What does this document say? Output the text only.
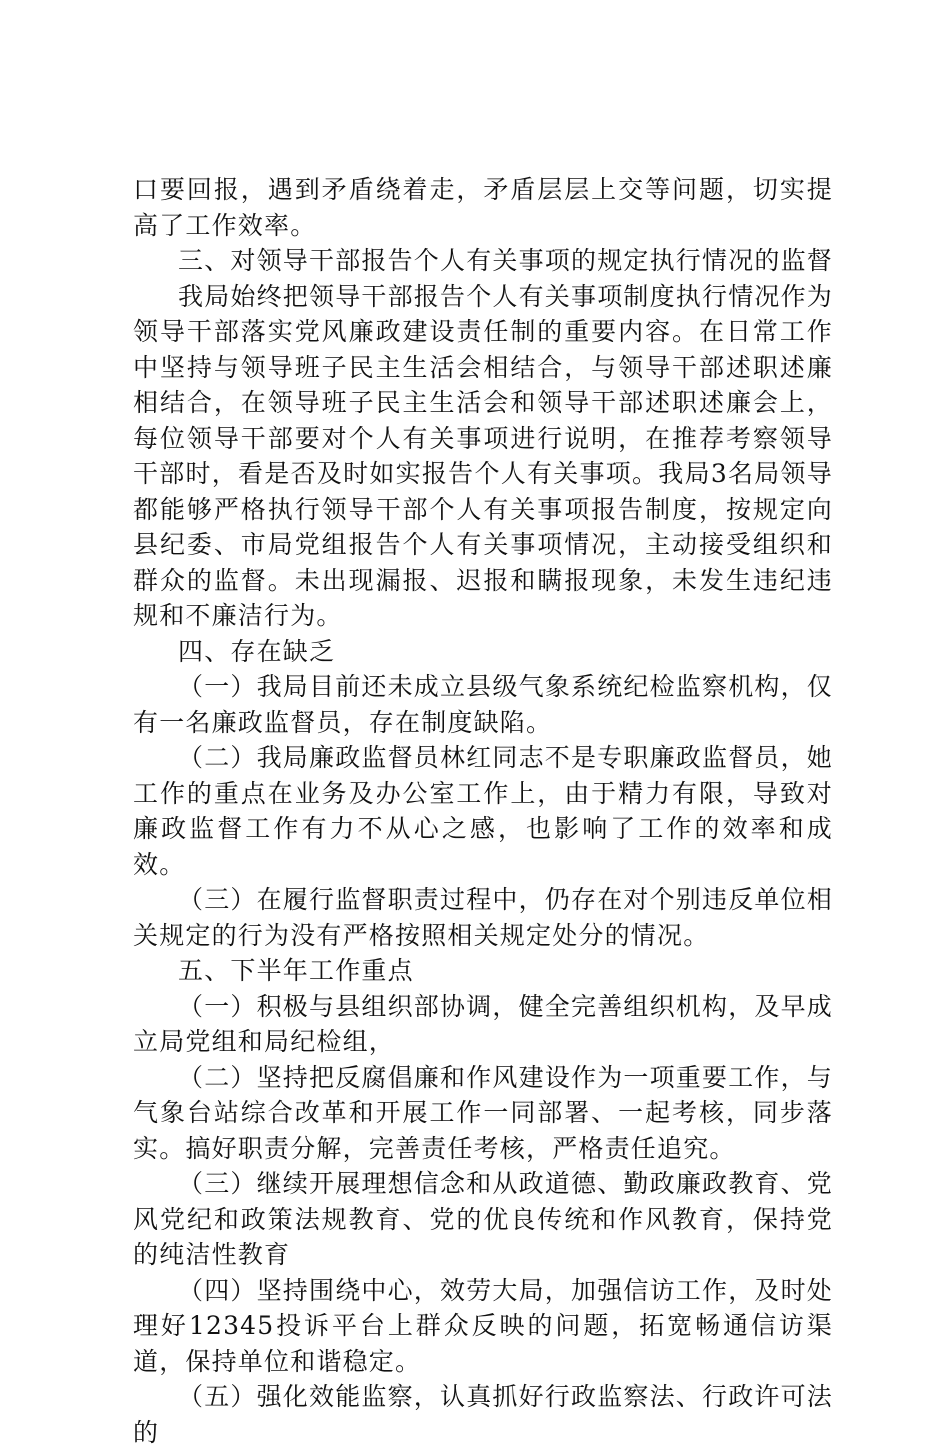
口要回报，遇到矛盾绕着走，矛盾层层上交等问题，切实提高了工作效率。

三、对领导干部报告个人有关事项的规定执行情况的监督

我局始终把领导干部报告个人有关事项制度执行情况作为领导干部落实党风廉政建设责任制的重要内容。在日常工作中坚持与领导班子民主生活会相结合，与领导干部述职述廉相结合，在领导班子民主生活会和领导干部述职述廉会上，每位领导干部要对个人有关事项进行说明，在推荐考察领导干部时，看是否及时如实报告个人有关事项。我局3名局领导都能够严格执行领导干部个人有关事项报告制度，按规定向县纪委、市局党组报告个人有关事项情况，主动接受组织和群众的监督。未出现漏报、迟报和瞒报现象，未发生违纪违规和不廉洁行为。

四、存在缺乏

（一）我局目前还未成立县级气象系统纪检监察机构，仅有一名廉政监督员，存在制度缺陷。

（二）我局廉政监督员林红同志不是专职廉政监督员，她工作的重点在业务及办公室工作上，由于精力有限，导致对廉政监督工作有力不从心之感，也影响了工作的效率和成效。

（三）在履行监督职责过程中，仍存在对个别违反单位相关规定的行为没有严格按照相关规定处分的情况。

五、下半年工作重点

（一）积极与县组织部协调，健全完善组织机构，及早成立局党组和局纪检组，

（二）坚持把反腐倡廉和作风建设作为一项重要工作，与气象台站综合改革和开展工作一同部署、一起考核，同步落实。搞好职责分解，完善责任考核，严格责任追究。

（三）继续开展理想信念和从政道德、勤政廉政教育、党风党纪和政策法规教育、党的优良传统和作风教育，保持党的纯洁性教育

（四）坚持围绕中心，效劳大局，加强信访工作，及时处理好12345投诉平台上群众反映的问题，拓宽畅通信访渠道，保持单位和谐稳定。

（五）强化效能监察，认真抓好行政监察法、行政许可法的
